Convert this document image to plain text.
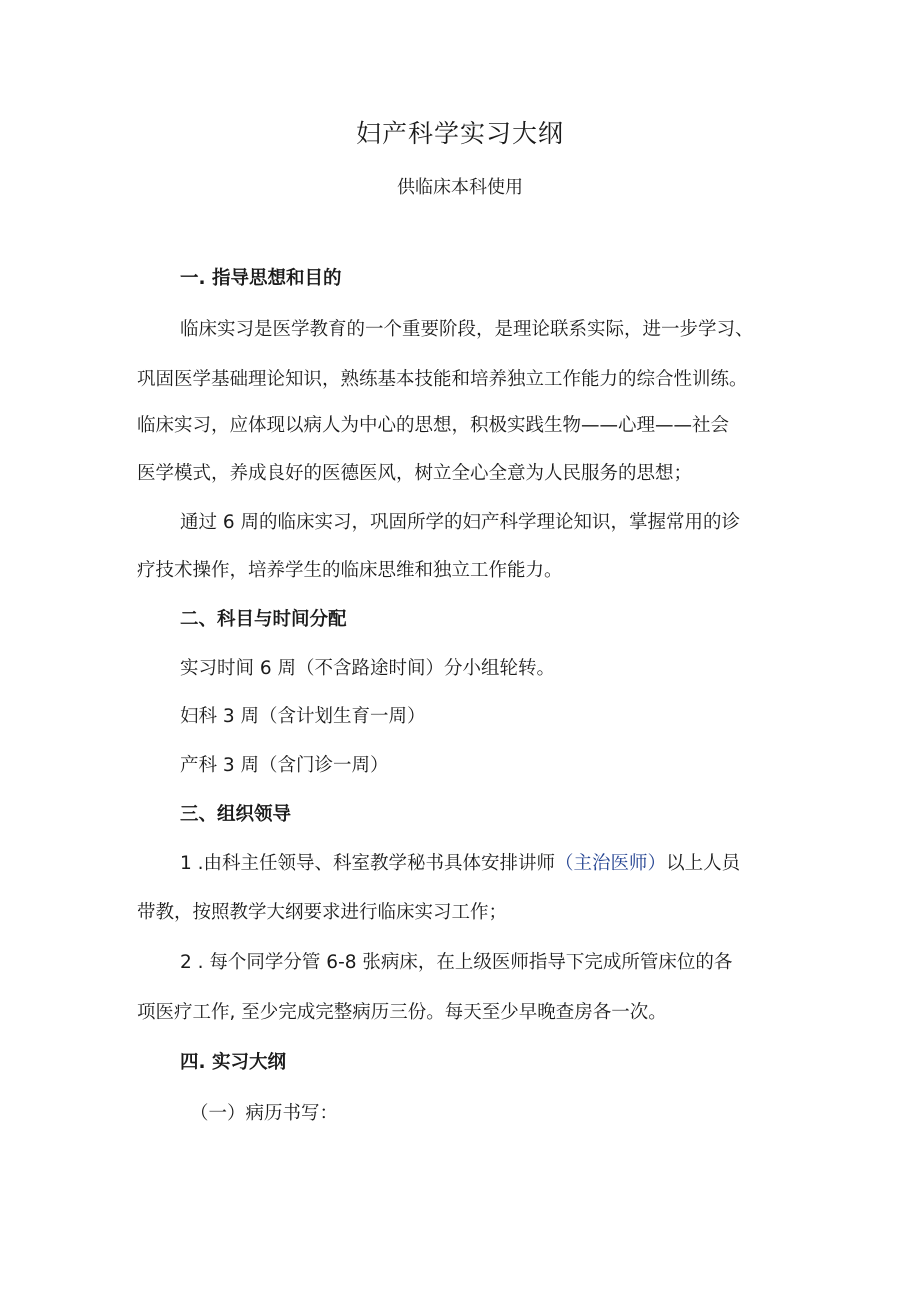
妇产科学实习大纲
供临床本科使用
一. 指导思想和目的
临床实习是医学教育的一个重要阶段，是理论联系实际，进一步学习、
巩固医学基础理论知识，熟练基本技能和培养独立工作能力的综合性训练。
临床实习，应体现以病人为中心的思想，积极实践生物——心理——社会
医学模式，养成良好的医德医风，树立全心全意为人民服务的思想；
通过 6 周的临床实习，巩固所学的妇产科学理论知识，掌握常用的诊
疗技术操作，培养学生的临床思维和独立工作能力。
二、科目与时间分配
实习时间 6 周（不含路途时间）分小组轮转。
妇科 3 周（含计划生育一周）
产科 3 周（含门诊一周）
三、组织领导
1 .由科主任领导、科室教学秘书具体安排讲师（主治医师）以上人员
带教，按照教学大纲要求进行临床实习工作；
2 . 每个同学分管 6-8 张病床，在上级医师指导下完成所管床位的各
项医疗工作, 至少完成完整病历三份。每天至少早晚查房各一次。
四. 实习大纲
（一）病历书写：
